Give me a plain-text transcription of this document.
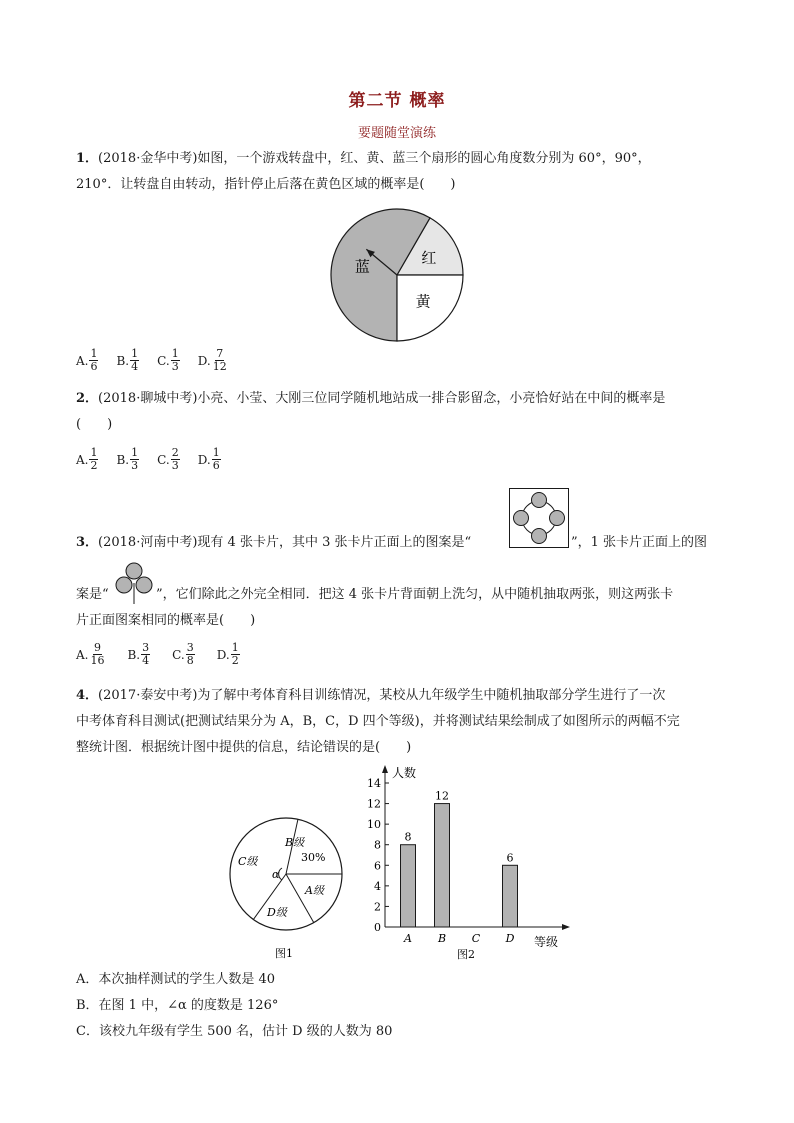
第二节 概率
要题随堂演练
1．(2018·金华中考)如图，一个游戏转盘中，红、黄、蓝三个扇形的圆心角度数分别为 60°，90°，
210°．让转盘自由转动，指针停止后落在黄色区域的概率是(　　)
红
蓝
黄
A. $\frac{1}{6} B$. $\frac{1}{4} C$. $\frac{1}{3} D$. $\frac{7}{12}$
2．(2018·聊城中考)小亮、小莹、大刚三位同学随机地站成一排合影留念，小亮恰好站在中间的概率是
(　　)
A. $\frac{1}{2} B$. $\frac{1}{3} C$. $\frac{2}{3} D$. $\frac{1}{6}$
3．(2018·河南中考)现有 4 张卡片，其中 3 张卡片正面上的图案是“	”，1 张卡片正面上的图
案是“	”，它们除此之外完全相同．把这 4 张卡片背面朝上洗匀，从中随机抽取两张，则这两张卡
片正面图案相同的概率是(　　)
A. $\frac{9}{16} B$. $\frac{3}{4} C$. $\frac{3}{8} D$. $\frac{1}{2}$
4．(2017·泰安中考)为了解中考体育科目训练情况，某校从九年级学生中随机抽取部分学生进行了一次
中考体育科目测试(把测试结果分为 A，B，C，D 四个等级)，并将测试结果绘制成了如图所示的两幅不完
整统计图．根据统计图中提供的信息，结论错误的是(　　)
α
B级
30%
C级
A级
D级
图1
0
2
4
6
8
10
12
14
8
A
12
B C
6
D
人数
等级
图2
A．本次抽样测试的学生人数是 40
B．在图 1 中，∠α 的度数是 126°
C．该校九年级有学生 500 名，估计 D 级的人数为 80
